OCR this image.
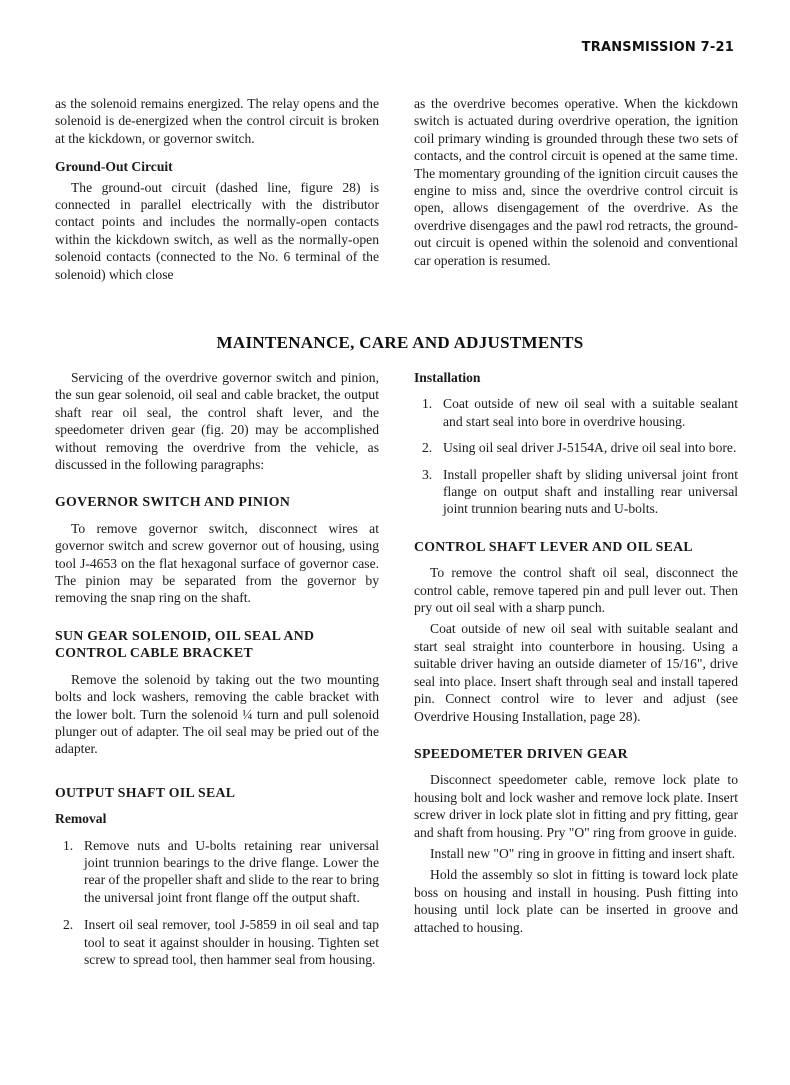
TRANSMISSION 7-21

as the solenoid remains energized. The relay opens and the solenoid is de-energized when the control circuit is broken at the kickdown, or governor switch.

Ground-Out Circuit

The ground-out circuit (dashed line, figure 28) is connected in parallel electrically with the distributor contact points and includes the normally-open contacts within the kickdown switch, as well as the normally-open solenoid contacts (connected to the No. 6 terminal of the solenoid) which close

as the overdrive becomes operative. When the kickdown switch is actuated during overdrive operation, the ignition coil primary winding is grounded through these two sets of contacts, and the control circuit is opened at the same time. The momentary grounding of the ignition circuit causes the engine to miss and, since the overdrive control circuit is open, allows disengagement of the overdrive. As the overdrive disengages and the pawl rod retracts, the ground-out circuit is opened within the solenoid and conventional car operation is resumed.

MAINTENANCE, CARE AND ADJUSTMENTS

Servicing of the overdrive governor switch and pinion, the sun gear solenoid, oil seal and cable bracket, the output shaft rear oil seal, the control shaft lever, and the speedometer driven gear (fig. 20) may be accomplished without removing the overdrive from the vehicle, as discussed in the following paragraphs:

GOVERNOR SWITCH AND PINION

To remove governor switch, disconnect wires at governor switch and screw governor out of housing, using tool J-4653 on the flat hexagonal surface of governor case. The pinion may be separated from the governor by removing the snap ring on the shaft.

SUN GEAR SOLENOID, OIL SEAL AND

CONTROL CABLE BRACKET

Remove the solenoid by taking out the two mounting bolts and lock washers, removing the cable bracket with the lower bolt. Turn the solenoid ¼ turn and pull solenoid plunger out of adapter. The oil seal may be pried out of the adapter.

OUTPUT SHAFT OIL SEAL

Removal

1. Remove nuts and U-bolts retaining rear universal joint trunnion bearings to the drive flange. Lower the rear of the propeller shaft and slide to the rear to bring the universal joint front flange off the output shaft.
2. Insert oil seal remover, tool J-5859 in oil seal and tap tool to seat it against shoulder in housing. Tighten set screw to spread tool, then hammer seal from housing.

Installation

1. Coat outside of new oil seal with a suitable sealant and start seal into bore in overdrive housing.
2. Using oil seal driver J-5154A, drive oil seal into bore.
3. Install propeller shaft by sliding universal joint front flange on output shaft and installing rear universal joint trunnion bearing nuts and U-bolts.

CONTROL SHAFT LEVER AND OIL SEAL

To remove the control shaft oil seal, disconnect the control cable, remove tapered pin and pull lever out. Then pry out oil seal with a sharp punch.

Coat outside of new oil seal with suitable sealant and start seal straight into counterbore in housing. Using a suitable driver having an outside diameter of 15/16", drive seal into place. Insert shaft through seal and install tapered pin. Connect control wire to lever and adjust (see Overdrive Housing Installation, page 28).

SPEEDOMETER DRIVEN GEAR

Disconnect speedometer cable, remove lock plate to housing bolt and lock washer and remove lock plate. Insert screw driver in lock plate slot in fitting and pry fitting, gear and shaft from housing. Pry "O" ring from groove in guide.

Install new "O" ring in groove in fitting and insert shaft.

Hold the assembly so slot in fitting is toward lock plate boss on housing and install in housing. Push fitting into housing until lock plate can be inserted in groove and attached to housing.
